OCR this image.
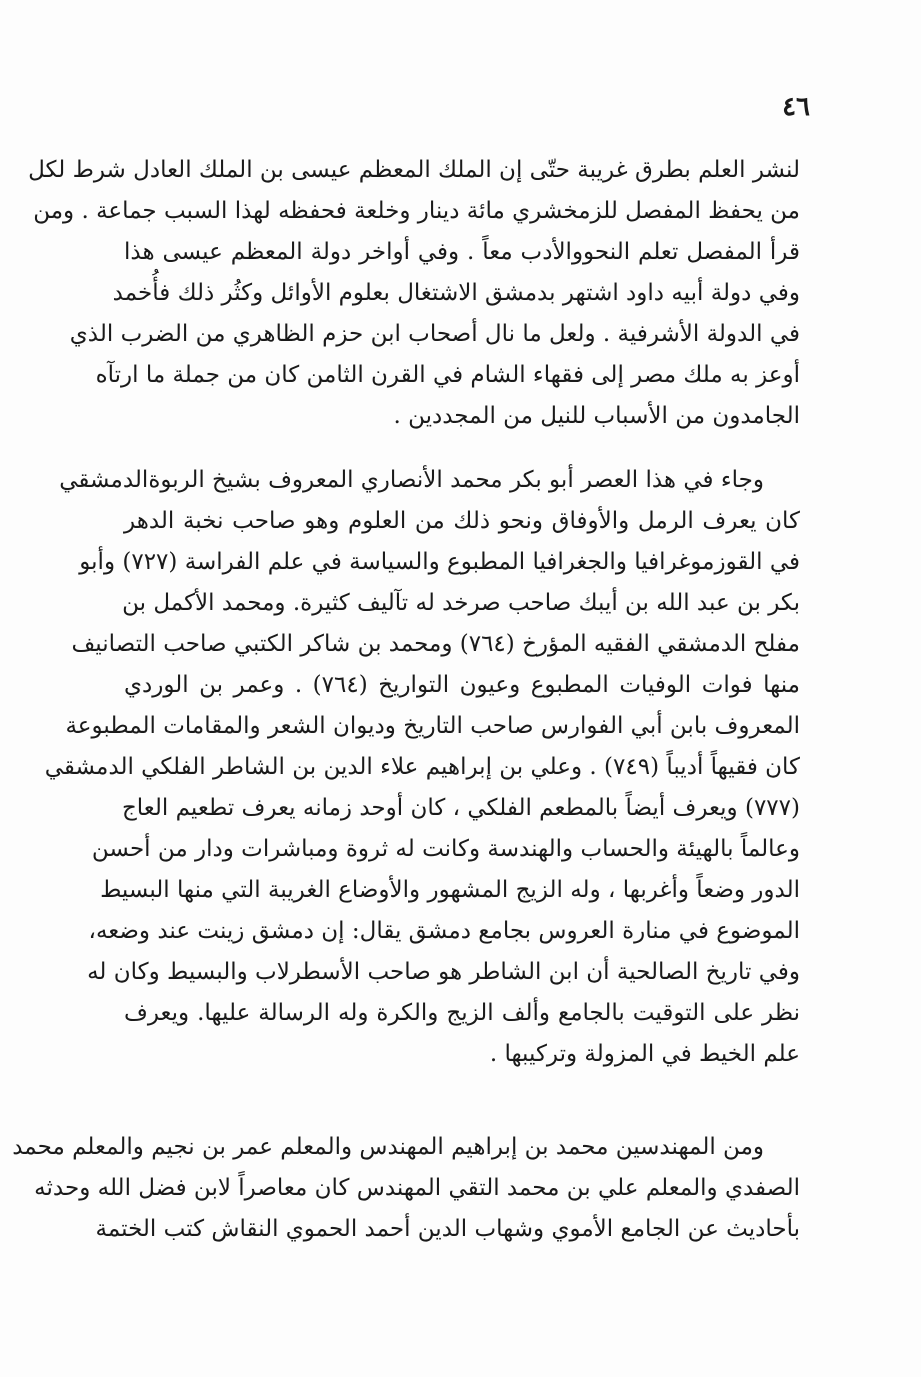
٤٦
لنشر العلم بطرق غريبة حتّى إن الملك المعظم عيسى بن الملك العادل شرط لكل
من يحفظ المفصل للزمخشري مائة دينار وخلعة فحفظه لهذا السبب جماعة . ومن
قرأ المفصل تعلم النحووالأدب معاً . وفي أواخر دولة المعظم عيسى هذا
وفي دولة أبيه داود اشتهر بدمشق الاشتغال بعلوم الأوائل وكثُر ذلك فأُخمد
في الدولة الأشرفية . ولعل ما نال أصحاب ابن حزم الظاهري من الضرب الذي
أوعز به ملك مصر إلى فقهاء الشام في القرن الثامن كان من جملة ما ارتآه
الجامدون من الأسباب للنيل من المجددين .
وجاء في هذا العصر أبو بكر محمد الأنصاري المعروف بشيخ الربوةالدمشقي
كان يعرف الرمل والأوفاق ونحو ذلك من العلوم وهو صاحب نخبة الدهر
في القوزموغرافيا والجغرافيا المطبوع والسياسة في علم الفراسة (٧٢٧) وأبو
بكر بن عبد الله بن أيبك صاحب صرخد له تآليف كثيرة. ومحمد الأكمل بن
مفلح الدمشقي الفقيه المؤرخ (٧٦٤) ومحمد بن شاكر الكتبي صاحب التصانيف
منها فوات الوفيات المطبوع وعيون التواريخ (٧٦٤) . وعمر بن الوردي
المعروف بابن أبي الفوارس صاحب التاريخ وديوان الشعر والمقامات المطبوعة
كان فقيهاً أديباً (٧٤٩) . وعلي بن إبراهيم علاء الدين بن الشاطر الفلكي الدمشقي
(٧٧٧) ويعرف أيضاً بالمطعم الفلكي ، كان أوحد زمانه يعرف تطعيم العاج
وعالماً بالهيئة والحساب والهندسة وكانت له ثروة ومباشرات ودار من أحسن
الدور وضعاً وأغربها ، وله الزيج المشهور والأوضاع الغريبة التي منها البسيط
الموضوع في منارة العروس بجامع دمشق يقال: إن دمشق زينت عند وضعه،
وفي تاريخ الصالحية أن ابن الشاطر هو صاحب الأسطرلاب والبسيط وكان له
نظر على التوقيت بالجامع وألف الزيج والكرة وله الرسالة عليها. ويعرف
علم الخيط في المزولة وتركيبها .
ومن المهندسين محمد بن إبراهيم المهندس والمعلم عمر بن نجيم والمعلم محمد
الصفدي والمعلم علي بن محمد التقي المهندس كان معاصراً لابن فضل الله وحدثه
بأحاديث عن الجامع الأموي وشهاب الدين أحمد الحموي النقاش كتب الختمة
